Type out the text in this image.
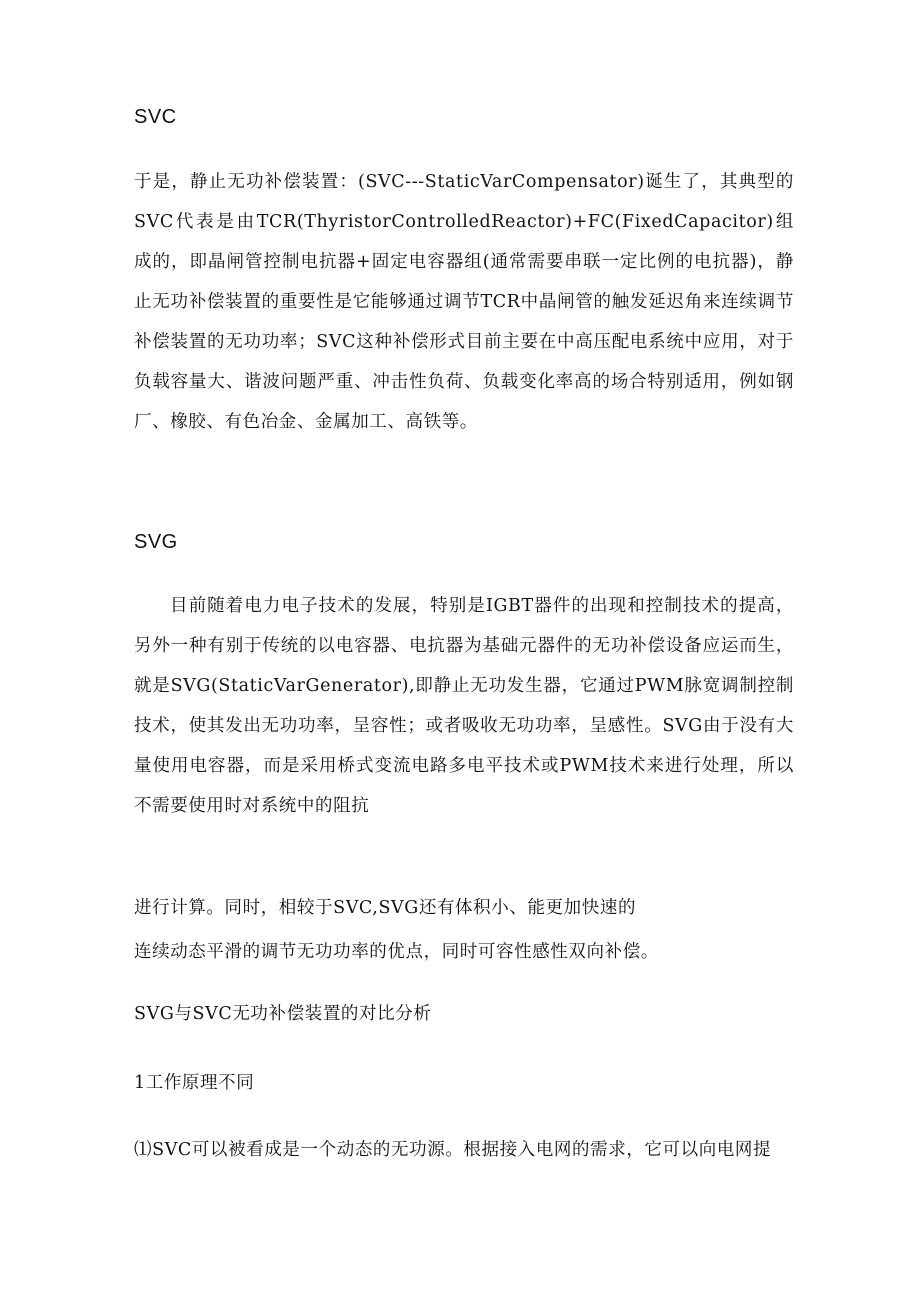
SVC
于是，静止无功补偿装置：(SVC---StaticVarCompensator)诞生了，其典型的SVC代表是由TCR(ThyristorControlledReactor)+FC(FixedCapacitor)组成的，即晶闸管控制电抗器+固定电容器组(通常需要串联一定比例的电抗器)，静止无功补偿装置的重要性是它能够通过调节TCR中晶闸管的触发延迟角来连续调节补偿装置的无功功率；SVC这种补偿形式目前主要在中高压配电系统中应用，对于负载容量大、谐波问题严重、冲击性负荷、负载变化率高的场合特别适用，例如钢厂、橡胶、有色冶金、金属加工、高铁等。
SVG
目前随着电力电子技术的发展，特别是IGBT器件的出现和控制技术的提高，另外一种有别于传统的以电容器、电抗器为基础元器件的无功补偿设备应运而生，就是SVG(StaticVarGenerator),即静止无功发生器，它通过PWM脉宽调制控制技术，使其发出无功功率，呈容性；或者吸收无功功率，呈感性。SVG由于没有大量使用电容器，而是采用桥式变流电路多电平技术或PWM技术来进行处理，所以不需要使用时对系统中的阻抗
进行计算。同时，相较于SVC,SVG还有体积小、能更加快速的
连续动态平滑的调节无功功率的优点，同时可容性感性双向补偿。
SVG与SVC无功补偿装置的对比分析
1工作原理不同
⑴SVC可以被看成是一个动态的无功源。根据接入电网的需求，它可以向电网提
